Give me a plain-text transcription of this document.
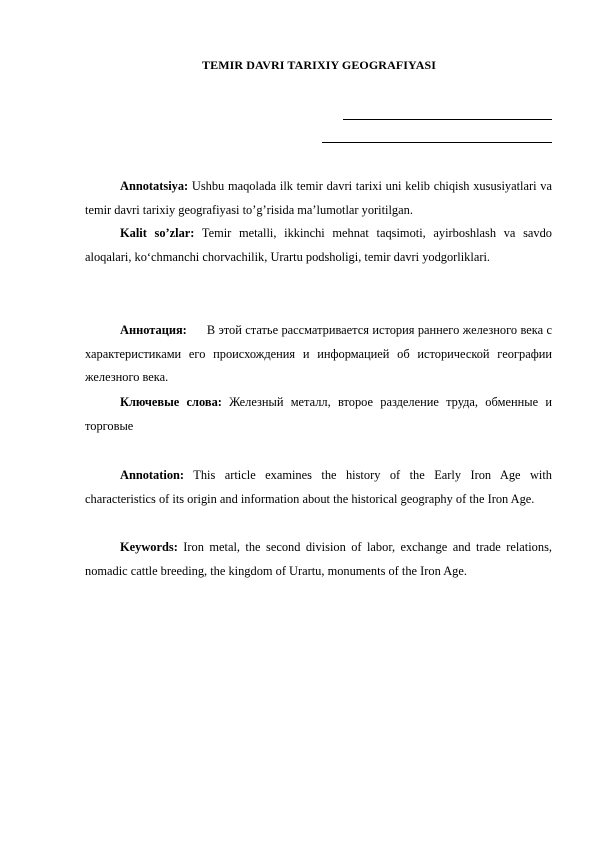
TEMIR DAVRI TARIXIY GEOGRAFIYASI

Annotatsiya: Ushbu maqolada ilk temir davri tarixi uni kelib chiqish xususiyatlari va temir davri tarixiy geografiyasi to’g’risida ma’lumotlar yoritilgan.

Kalit so’zlar: Temir metalli, ikkinchi mehnat taqsimoti, ayirboshlash va savdo aloqalari, ko‘chmanchi chorvachilik, Urartu podsholigi, temir davri yodgorliklari.

Аннотация: В этой статье рассматривается история раннего железного века с характеристиками его происхождения и информацией об исторической географии железного века.

Ключевые слова: Железный металл, второе разделение труда, обменные и торговые

Annotation: This article examines the history of the Early Iron Age with characteristics of its origin and information about the historical geography of the Iron Age.

Keywords: Iron metal, the second division of labor, exchange and trade relations, nomadic cattle breeding, the kingdom of Urartu, monuments of the Iron Age.
